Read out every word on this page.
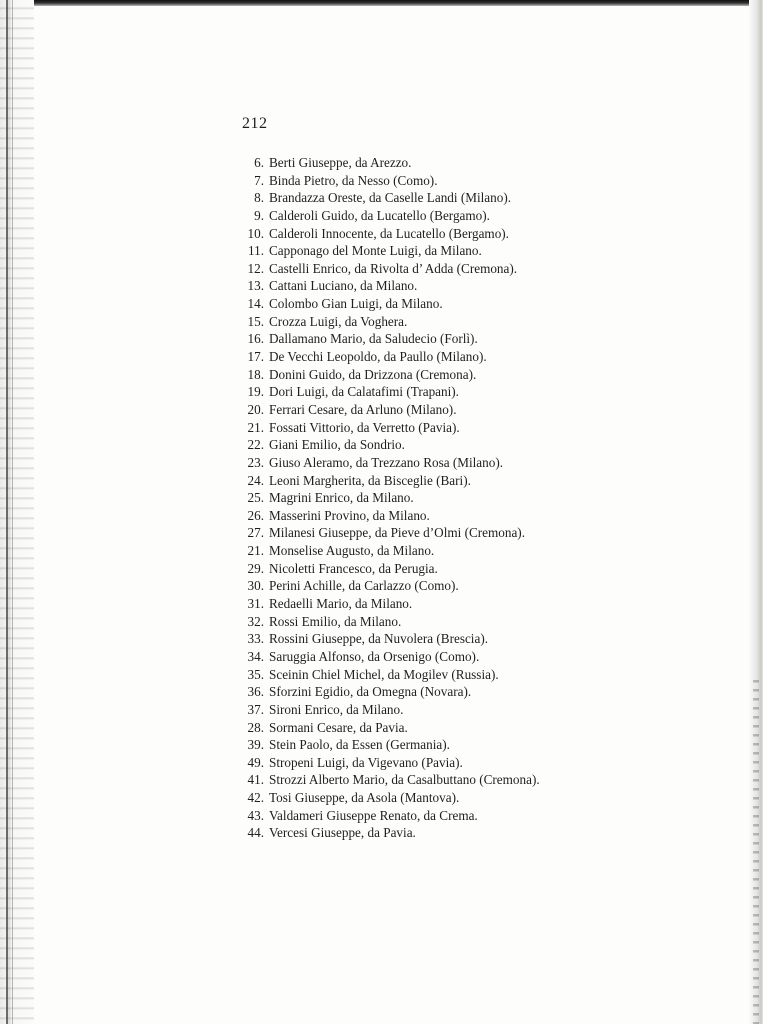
212
6. Berti Giuseppe, da Arezzo.
7. Binda Pietro, da Nesso (Como).
8. Brandazza Oreste, da Caselle Landi (Milano).
9. Calderoli Guido, da Lucatello (Bergamo).
10. Calderoli Innocente, da Lucatello (Bergamo).
11. Capponago del Monte Luigi, da Milano.
12. Castelli Enrico, da Rivolta d’ Adda (Cremona).
13. Cattani Luciano, da Milano.
14. Colombo Gian Luigi, da Milano.
15. Crozza Luigi, da Voghera.
16. Dallamano Mario, da Saludecio (Forlì).
17. De Vecchi Leopoldo, da Paullo (Milano).
18. Donini Guido, da Drizzona (Cremona).
19. Dori Luigi, da Calatafimi (Trapani).
20. Ferrari Cesare, da Arluno (Milano).
21. Fossati Vittorio, da Verretto (Pavia).
22. Giani Emilio, da Sondrio.
23. Giuso Aleramo, da Trezzano Rosa (Milano).
24. Leoni Margherita, da Bisceglie (Bari).
25. Magrini Enrico, da Milano.
26. Masserini Provino, da Milano.
27. Milanesi Giuseppe, da Pieve d’Olmi (Cremona).
21. Monselise Augusto, da Milano.
29. Nicoletti Francesco, da Perugia.
30. Perini Achille, da Carlazzo (Como).
31. Redaelli Mario, da Milano.
32. Rossi Emilio, da Milano.
33. Rossini Giuseppe, da Nuvolera (Brescia).
34. Saruggia Alfonso, da Orsenigo (Como).
35. Sceinin Chiel Michel, da Mogilev (Russia).
36. Sforzini Egidio, da Omegna (Novara).
37. Sironi Enrico, da Milano.
28. Sormani Cesare, da Pavia.
39. Stein Paolo, da Essen (Germania).
49. Stropeni Luigi, da Vigevano (Pavia).
41. Strozzi Alberto Mario, da Casalbuttano (Cremona).
42. Tosi Giuseppe, da Asola (Mantova).
43. Valdameri Giuseppe Renato, da Crema.
44. Vercesi Giuseppe, da Pavia.
